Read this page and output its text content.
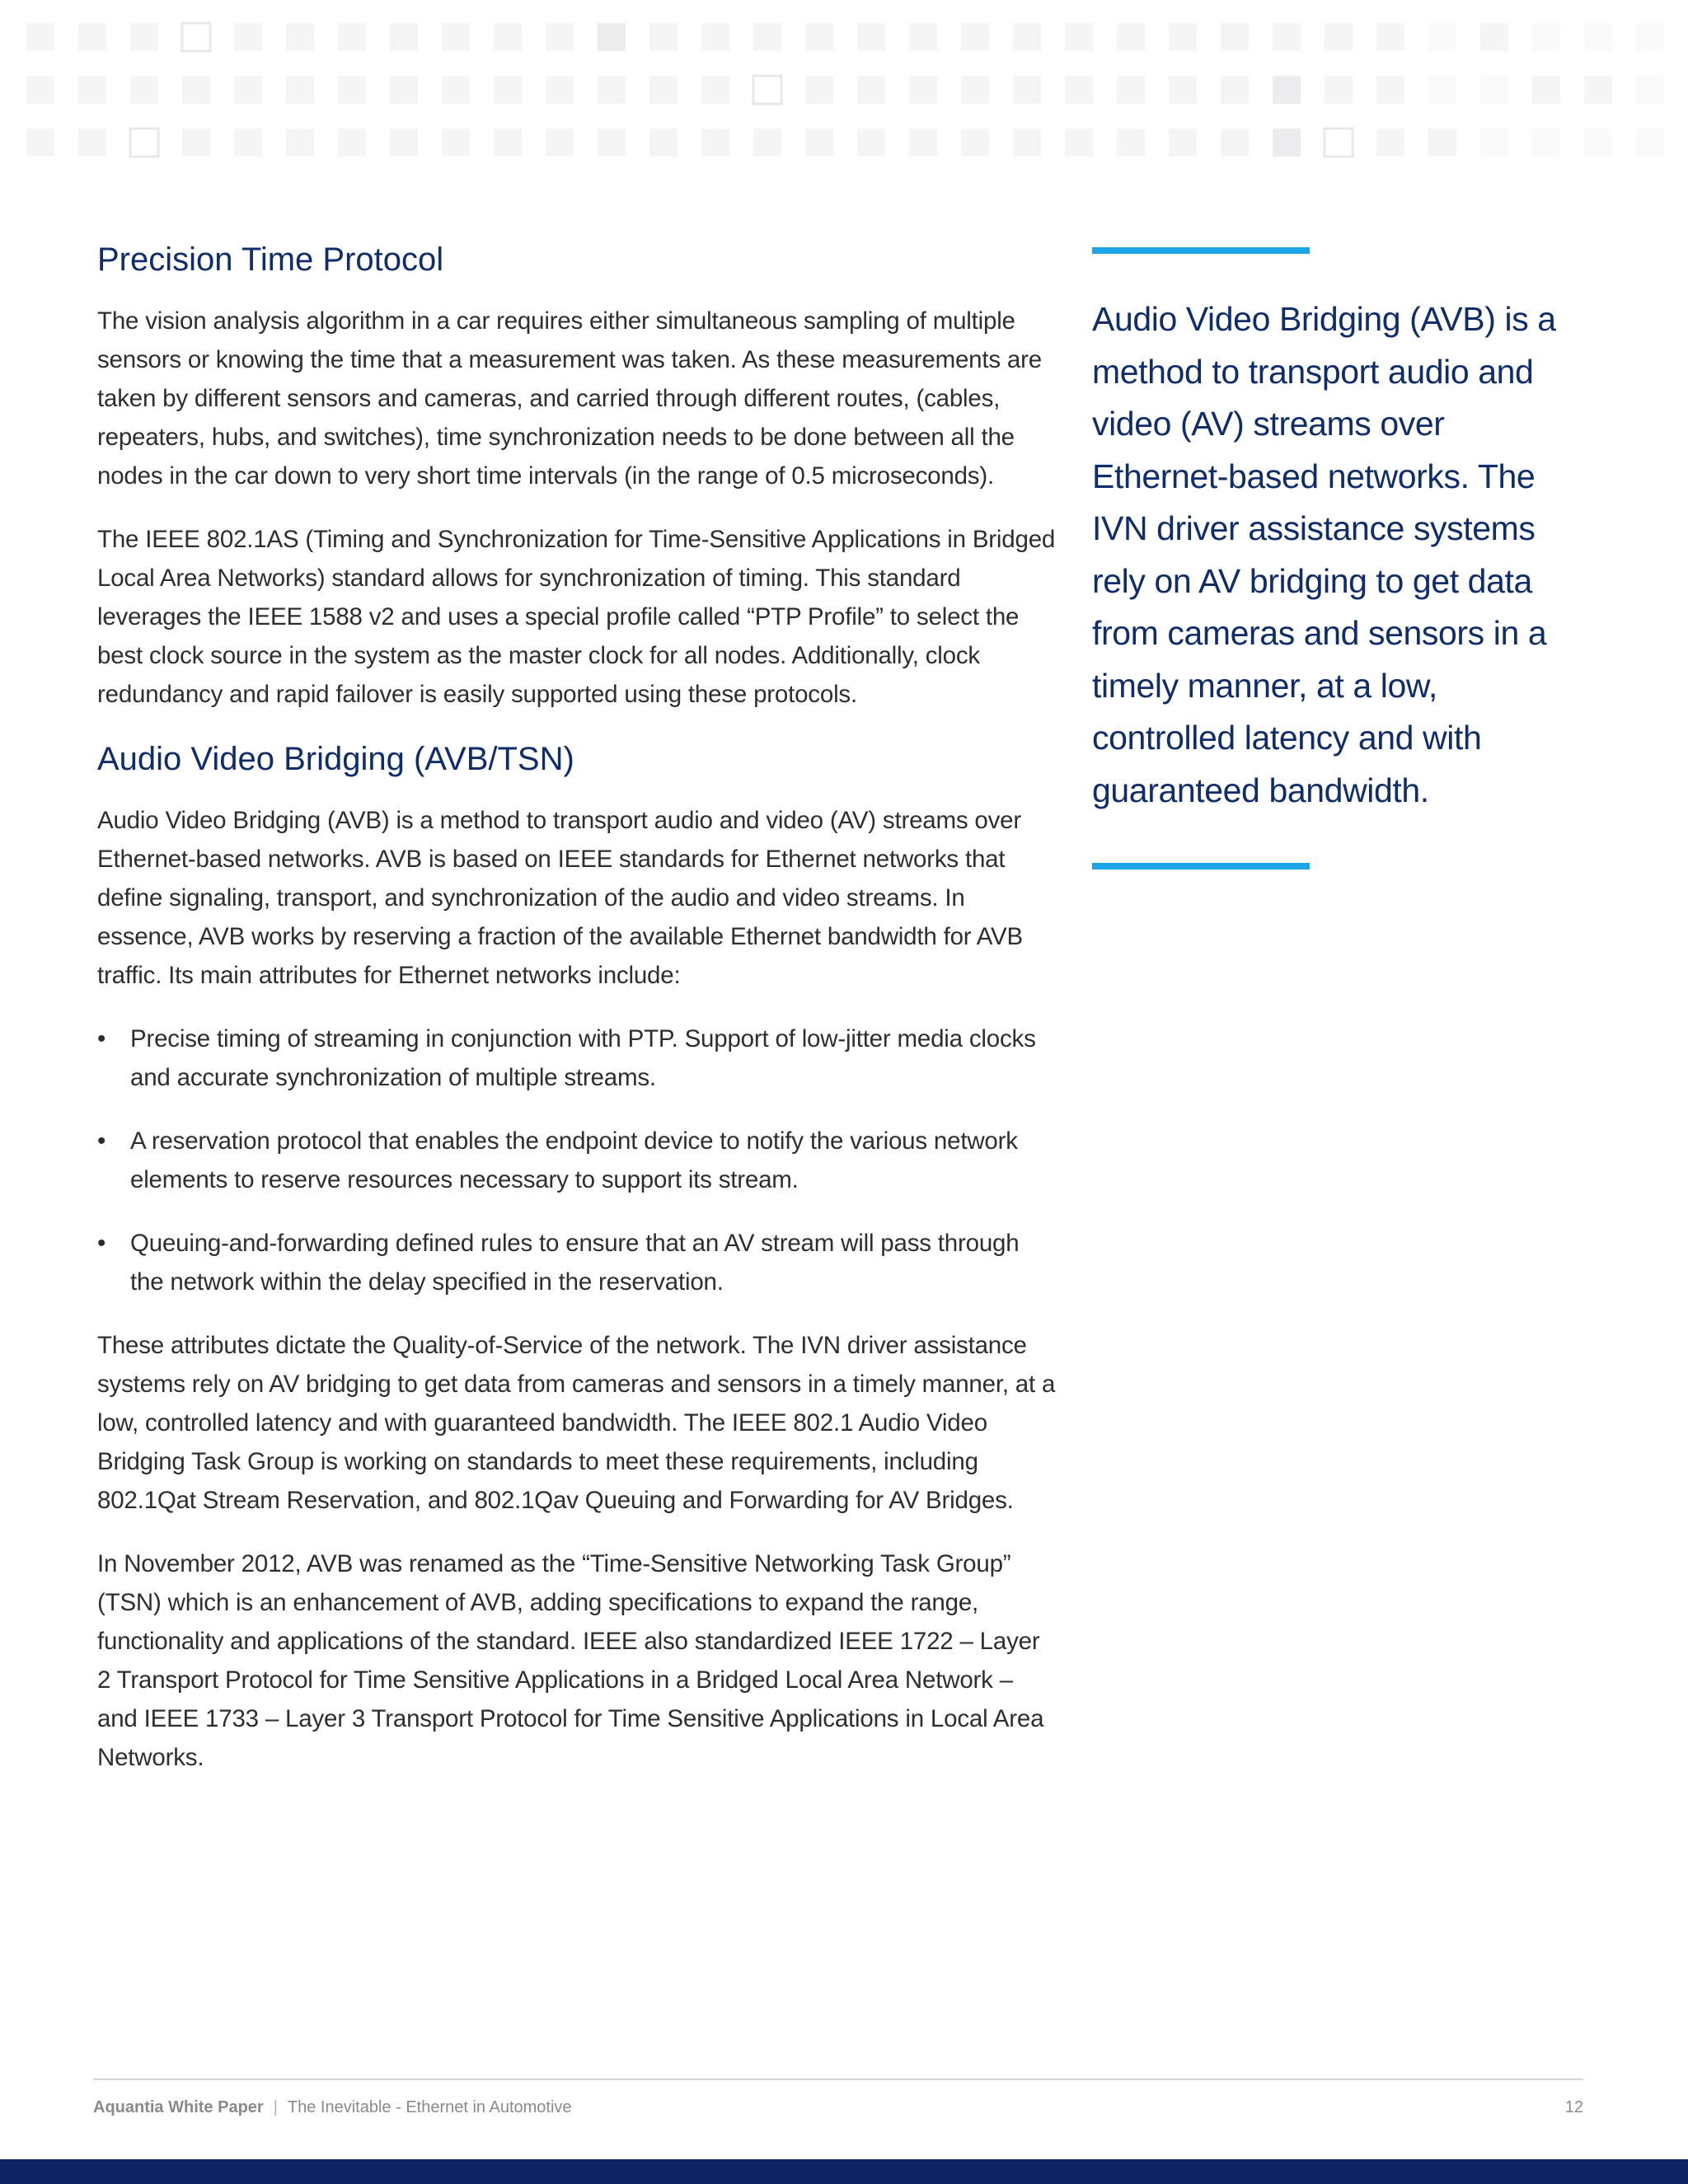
Precision Time Protocol

The vision analysis algorithm in a car requires either simultaneous sampling of multiple sensors or knowing the time that a measurement was taken. As these measurements are taken by different sensors and cameras, and carried through different routes, (cables, repeaters, hubs, and switches), time synchronization needs to be done between all the nodes in the car down to very short time intervals (in the range of 0.5 microseconds).

The IEEE 802.1AS (Timing and Synchronization for Time-Sensitive Applications in Bridged Local Area Networks) standard allows for synchronization of timing. This standard leverages the IEEE 1588 v2 and uses a special profile called “PTP Profile” to select the best clock source in the system as the master clock for all nodes. Additionally, clock redundancy and rapid failover is easily supported using these protocols.

Audio Video Bridging (AVB/TSN)

Audio Video Bridging (AVB) is a method to transport audio and video (AV) streams over Ethernet-based networks. AVB is based on IEEE standards for Ethernet networks that define signaling, transport, and synchronization of the audio and video streams. In essence, AVB works by reserving a fraction of the available Ethernet bandwidth for AVB traffic. Its main attributes for Ethernet networks include:

• Precise timing of streaming in conjunction with PTP. Support of low-jitter media clocks and accurate synchronization of multiple streams.
• A reservation protocol that enables the endpoint device to notify the various network elements to reserve resources necessary to support its stream.
• Queuing-and-forwarding defined rules to ensure that an AV stream will pass through the network within the delay specified in the reservation.

These attributes dictate the Quality-of-Service of the network. The IVN driver assistance systems rely on AV bridging to get data from cameras and sensors in a timely manner, at a low, controlled latency and with guaranteed bandwidth. The IEEE 802.1 Audio Video Bridging Task Group is working on standards to meet these requirements, including 802.1Qat Stream Reservation, and 802.1Qav Queuing and Forwarding for AV Bridges.

In November 2012, AVB was renamed as the “Time-Sensitive Networking Task Group” (TSN) which is an enhancement of AVB, adding specifications to expand the range, functionality and applications of the standard. IEEE also standardized IEEE 1722 – Layer 2 Transport Protocol for Time Sensitive Applications in a Bridged Local Area Network – and IEEE 1733 – Layer 3 Transport Protocol for Time Sensitive Applications in Local Area Networks.

Audio Video Bridging (AVB) is a method to transport audio and video (AV) streams over Ethernet-based networks. The IVN driver assistance systems rely on AV bridging to get data from cameras and sensors in a timely manner, at a low, controlled latency and with guaranteed bandwidth.
Aquantia White Paper | The Inevitable - Ethernet in Automotive	12
